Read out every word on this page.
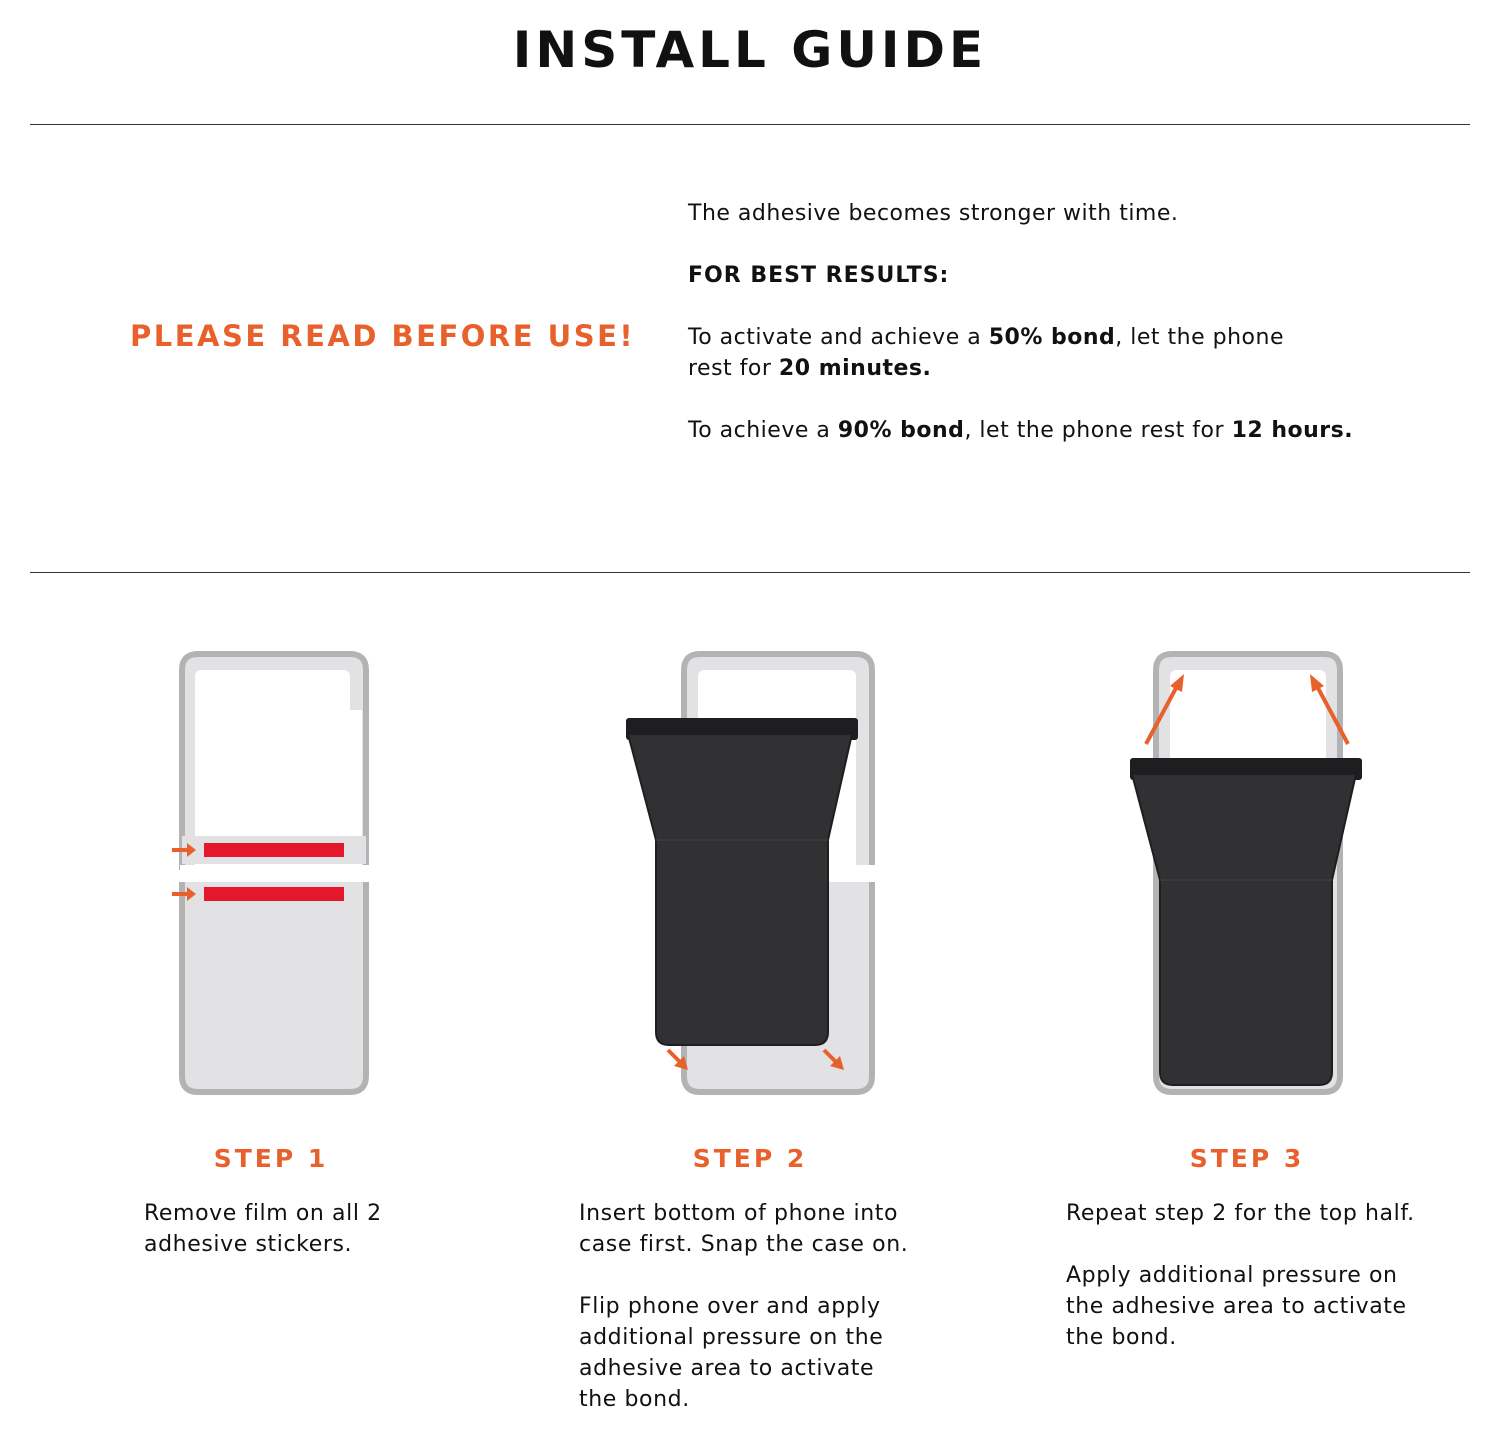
INSTALL GUIDE
PLEASE READ BEFORE USE!

The adhesive becomes stronger with time.

FOR BEST RESULTS:

To activate and achieve a 50% bond, let the phone rest for 20 minutes.

To achieve a 90% bond, let the phone rest for 12 hours.

STEP 1	STEP 2	STEP 3

Remove film on all 2 adhesive stickers.

Insert bottom of phone into case first. Snap the case on.

Flip phone over and apply additional pressure on the adhesive area to activate the bond.

Repeat step 2 for the top half.

Apply additional pressure on the adhesive area to activate the bond.
